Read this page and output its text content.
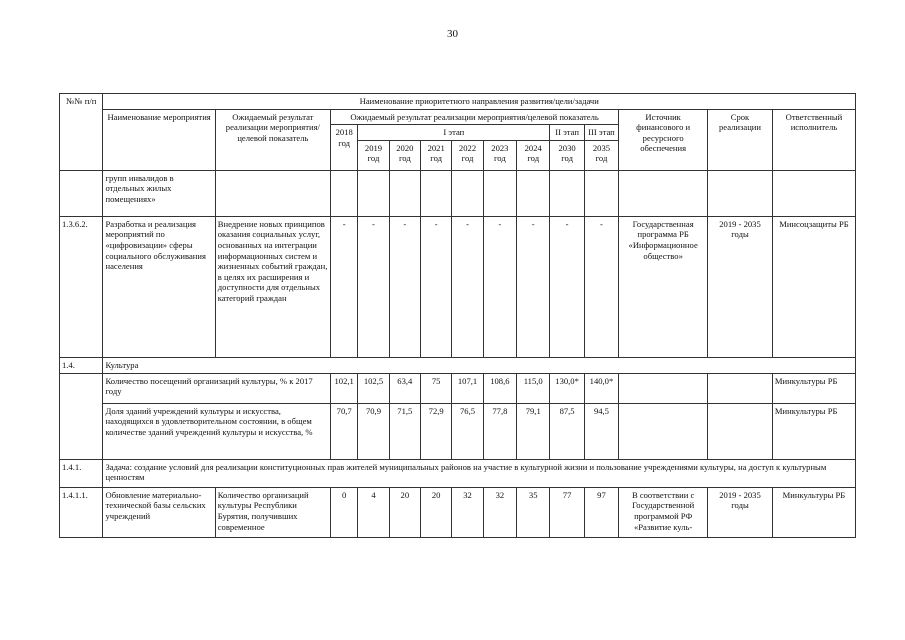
30
№№ п/п	Наименование приоритетного направления развития/цели/задачи													
	Наименование мероприятия	Ожидаемый результат реализации мероприятия/целевой показатель	Ожидаемый результат реализации мероприятия/целевой показатель									Источник финансового и ресурсного обеспечения	Срок реализации	Ответственный исполнитель
			2018 год	I этап						II этап	III этап			
				2019 год	2020 год	2021 год	2022 год	2023 год	2024 год	2030 год	2035 год			
	групп инвалидов в отдельных жилых помещениях»													
1.3.6.2.	Разработка и реализация мероприятий по «цифровизации» сферы социального обслуживания населения	Внедрение новых принципов оказания социальных услуг, основанных на интеграции информационных систем и жизненных событий граждан, в целях их расширения и доступности для отдельных категорий граждан	-	-	-	-	-	-	-	-	-	Государственная программа РБ «Информационное общество»	2019 - 2035 годы	Минсоцзащиты РБ
1.4.	Культура													
	Количество посещений организаций культуры, % к 2017 году		102,1	102,5	63,4	75	107,1	108,6	115,0	130,0*	140,0*			Минкультуры РБ
	Доля зданий учреждений культуры и искусства, находящихся в удовлетворительном состоянии, в общем количестве зданий учреждений культуры и искусства, %		70,7	70,9	71,5	72,9	76,5	77,8	79,1	87,5	94,5			Минкультуры РБ
1.4.1.	Задача: создание условий для реализации конституционных прав жителей муниципальных районов на участие в культурной жизни и пользование учреждениями культуры, на доступ к культурным ценностям													
1.4.1.1.	Обновление материально-технической базы сельских учреждений	Количество организаций культуры Республики Бурятия, получивших современное	0	4	20	20	32	32	35	77	97	В соответствии с Государственной программой РФ «Развитие куль-	2019 - 2035 годы	Минкультуры РБ
